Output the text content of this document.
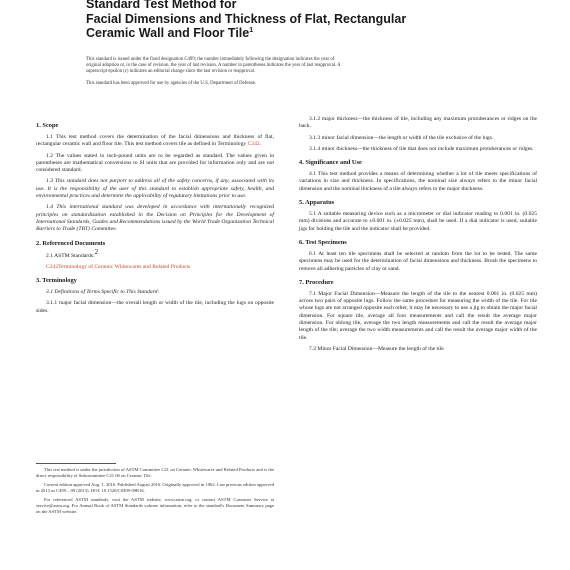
Standard Test Method for
Facial Dimensions and Thickness of Flat, Rectangular
Ceramic Wall and Floor Tile$^1$

This standard is issued under the fixed designation C499; the number immediately following the designation indicates the year of

original adoption or, in the case of revision, the year of last revision. A number in parentheses indicates the year of last reapproval. A

superscript epsilon (ε) indicates an editorial change since the last revision or reapproval.

This standard has been approved for use by agencies of the U.S. Department of Defense.

1. Scope

1.1 This test method covers the determination of the facial dimensions and thickness of flat, rectangular ceramic wall and floor tile. This test method covers tile as defined in Terminology C242.

1.2 The values stated in inch-pound units are to be regarded as standard. The values given in parentheses are mathematical conversions to SI units that are provided for information only and are not considered standard.

1.3 This standard does not purport to address all of the safety concerns, if any, associated with its use. It is the responsibility of the user of this standard to establish appropriate safety, health, and environmental practices and determine the applicability of regulatory limitations prior to use.

1.4 This international standard was developed in accordance with internationally recognized principles on standardization established in the Decision on Principles for the Development of International Standards, Guides and Recommendations issued by the World Trade Organization Technical Barriers to Trade (TBT) Committee.

2. Referenced Documents

2.1 ASTM Standards:$^2$

C242Terminology of Ceramic Whitewares and Related Products

3. Terminology

3.1 Definitions of Terms Specific to This Standard:

3.1.1 major facial dimension—the overall length or width of the tile, including the lugs on opposite sides.

3.1.2 major thickness—the thickness of tile, including any maximum protuberances or ridges on the back.

3.1.3 minor facial dimension—the length or width of the tile exclusive of the lugs.

3.1.4 minor thickness—the thickness of tile that does not include maximum protuberances or ridges.

4. Significance and Use

4.1 This test method provides a means of determining whether a lot of tile meets specifications of variations in size and thickness. In specifications, the nominal size always refers to the minor facial dimension and the nominal thickness of a tile always refers to the major thickness.

5. Apparatus

5.1 A suitable measuring device such as a micrometer or dial indicator reading to 0.001 in. (0.025 mm) divisions and accurate to ±0.001 in. (±0.025 mm), shall be used. If a dial indicator is used, suitable jigs for holding the tile and the indicator shall be provided.

6. Test Specimens

6.1 At least ten tile specimens shall be selected at random from the lot to be tested. The same specimens may be used for the determination of facial dimensions and thickness. Brush the specimens to remove all adhering particles of clay or sand.

7. Procedure

7.1 Major Facial Dimension—Measure the length of the tile to the nearest 0.001 in. (0.025 mm) across two pairs of opposite lugs. Follow the same procedure for measuring the width of the tile. For tile whose lugs are not arranged opposite each other, it may be necessary to use a jig to obtain the major facial dimension. For square tile, average all four measurements and call the result the average major dimension. For oblong tile, average the two length measurements and call the result the average major length of the tile; average the two width measurements and call the result the average major width of the tile.

7.2 Minor Facial Dimension—Measure the length of the tile

This test method is under the jurisdiction of ASTM Committee C21 on Ceramic Whitewares and Related Products and is the direct responsibility of Subcommittee C21.06 on Ceramic Tile.

Current edition approved Aug. 1, 2016. Published August 2016. Originally approved in 1962. Last previous edition approved in 2013 as C499 – 09 (2013). DOI: 10.1520/C0499-09R16.

For referenced ASTM standards, visit the ASTM website, www.astm.org, or contact ASTM Customer Service at service@astm.org. For Annual Book of ASTM Standards volume information, refer to the standard's Document Summary page on the ASTM website.
